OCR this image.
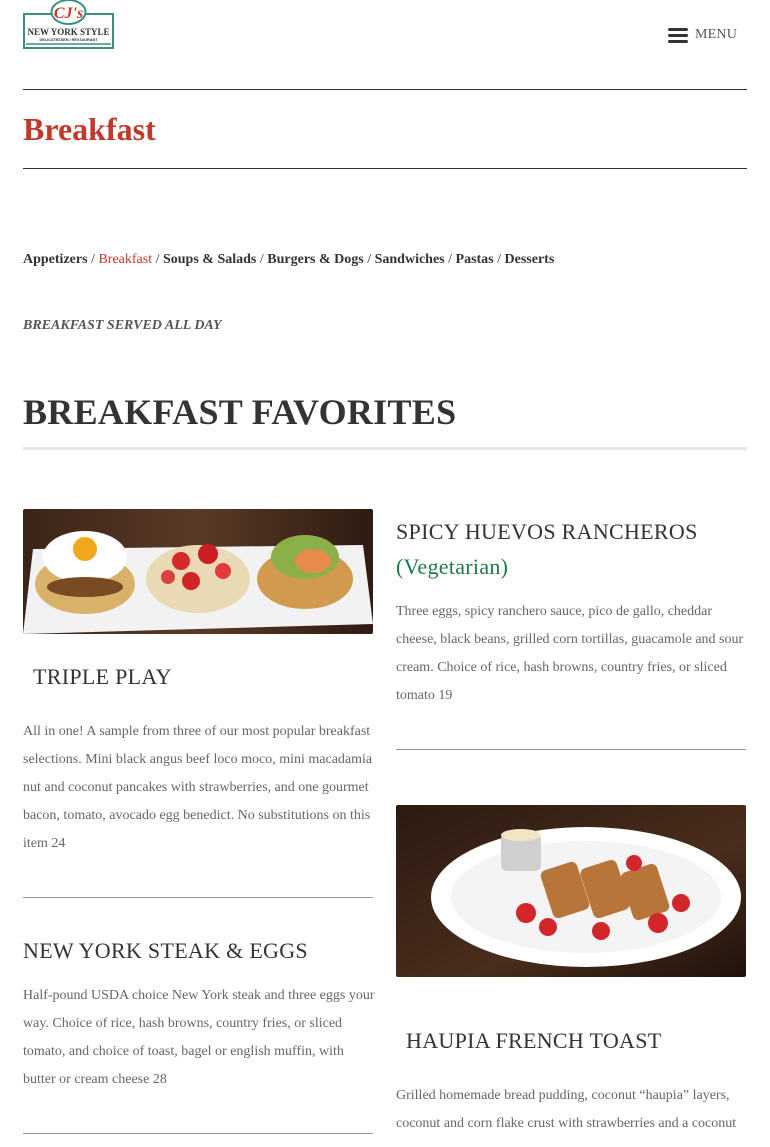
CJ's
NEW YORK STYLE
DELICATESSEN / RESTAURANT	MENU
Breakfast
Appetizers / Breakfast / Soups & Salads / Burgers & Dogs / Sandwiches / Pastas / Desserts
BREAKFAST SERVED ALL DAY
BREAKFAST FAVORITES
TRIPLE PLAY

All in one! A sample from three of our most popular breakfast selections. Mini black angus beef loco moco, mini macadamia nut and coconut pancakes with strawberries, and one gourmet bacon, tomato, avocado egg benedict. No substitutions on this item 24

NEW YORK STEAK & EGGS

Half-pound USDA choice New York steak and three eggs your way. Choice of rice, hash browns, country fries, or sliced tomato, and choice of toast, bagel or english muffin, with butter or cream cheese 28

SPICY HUEVOS RANCHEROS
(Vegetarian)

Three eggs, spicy ranchero sauce, pico de gallo, cheddar cheese, black beans, grilled corn tortillas, guacamole and sour cream. Choice of rice, hash browns, country fries, or sliced tomato 19

HAUPIA FRENCH TOAST

Grilled homemade bread pudding, coconut “haupia” layers, coconut and corn flake crust with strawberries and a coconut
